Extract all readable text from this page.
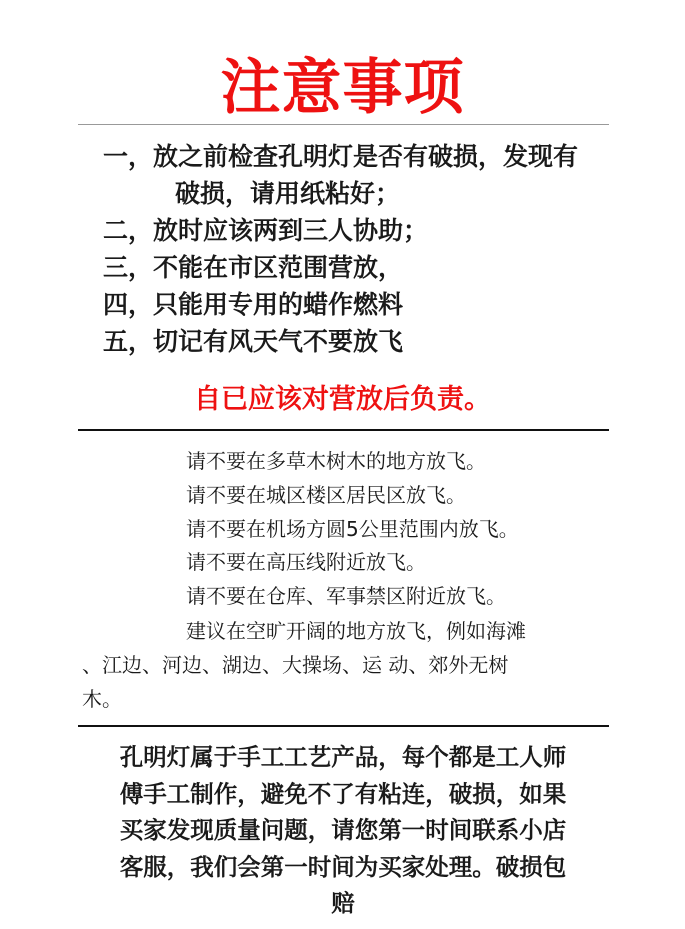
注意事项
一，放之前检查孔明灯是否有破损，发现有
破损，请用纸粘好；
二，放时应该两到三人协助；
三，不能在市区范围营放，
四，只能用专用的蜡作燃料
五，切记有风天气不要放飞
自已应该对营放后负责。
请不要在多草木树木的地方放飞。
请不要在城区楼区居民区放飞。
请不要在机场方圆5公里范围内放飞。
请不要在高压线附近放飞。
请不要在仓库、军事禁区附近放飞。
建议在空旷开阔的地方放飞，例如海滩
、江边、河边、湖边、大操场、运 动、郊外无树
木。
孔明灯属于手工工艺产品，每个都是工人师
傅手工制作，避免不了有粘连，破损，如果
买家发现质量问题，请您第一时间联系小店
客服，我们会第一时间为买家处理。破损包
赔
